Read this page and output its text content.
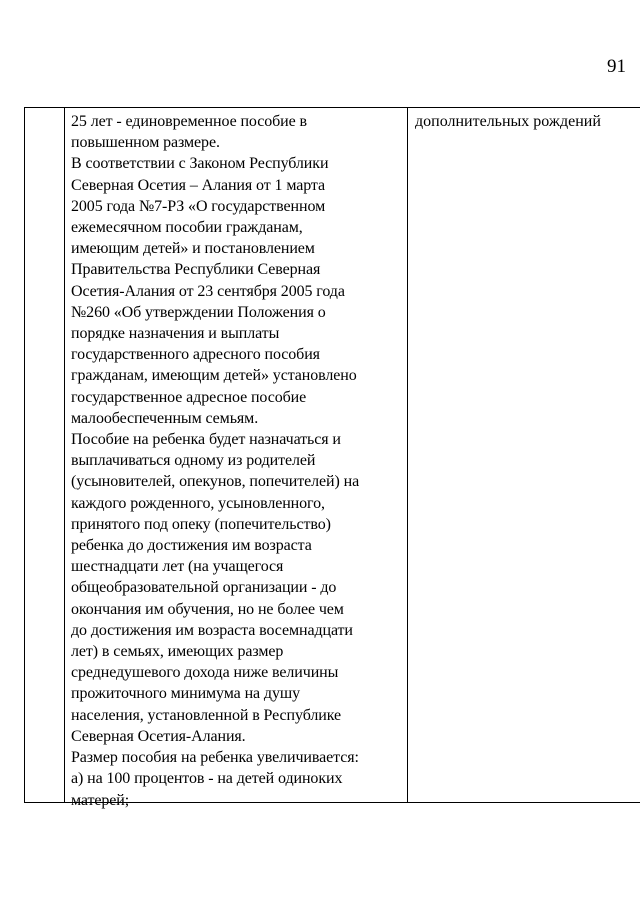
91
25 лет - единовременное пособие в
повышенном размере.
В соответствии с Законом Республики
Северная Осетия – Алания от 1 марта
2005 года №7-РЗ «О государственном
ежемесячном пособии гражданам,
имеющим детей» и постановлением
Правительства Республики Северная
Осетия-Алания от 23 сентября 2005 года
№260 «Об утверждении Положения о
порядке назначения и выплаты
государственного адресного пособия
гражданам, имеющим детей» установлено
государственное адресное пособие
малообеспеченным семьям.
Пособие на ребенка будет назначаться и
выплачиваться одному из родителей
(усыновителей, опекунов, попечителей) на
каждого рожденного, усыновленного,
принятого под опеку (попечительство)
ребенка до достижения им возраста
шестнадцати лет (на учащегося
общеобразовательной организации - до
окончания им обучения, но не более чем
до достижения им возраста восемнадцати
лет) в семьях, имеющих размер
среднедушевого дохода ниже величины
прожиточного минимума на душу
населения, установленной в Республике
Северная Осетия-Алания.
Размер пособия на ребенка увеличивается:
а) на 100 процентов - на детей одиноких
матерей;
дополнительных рождений
